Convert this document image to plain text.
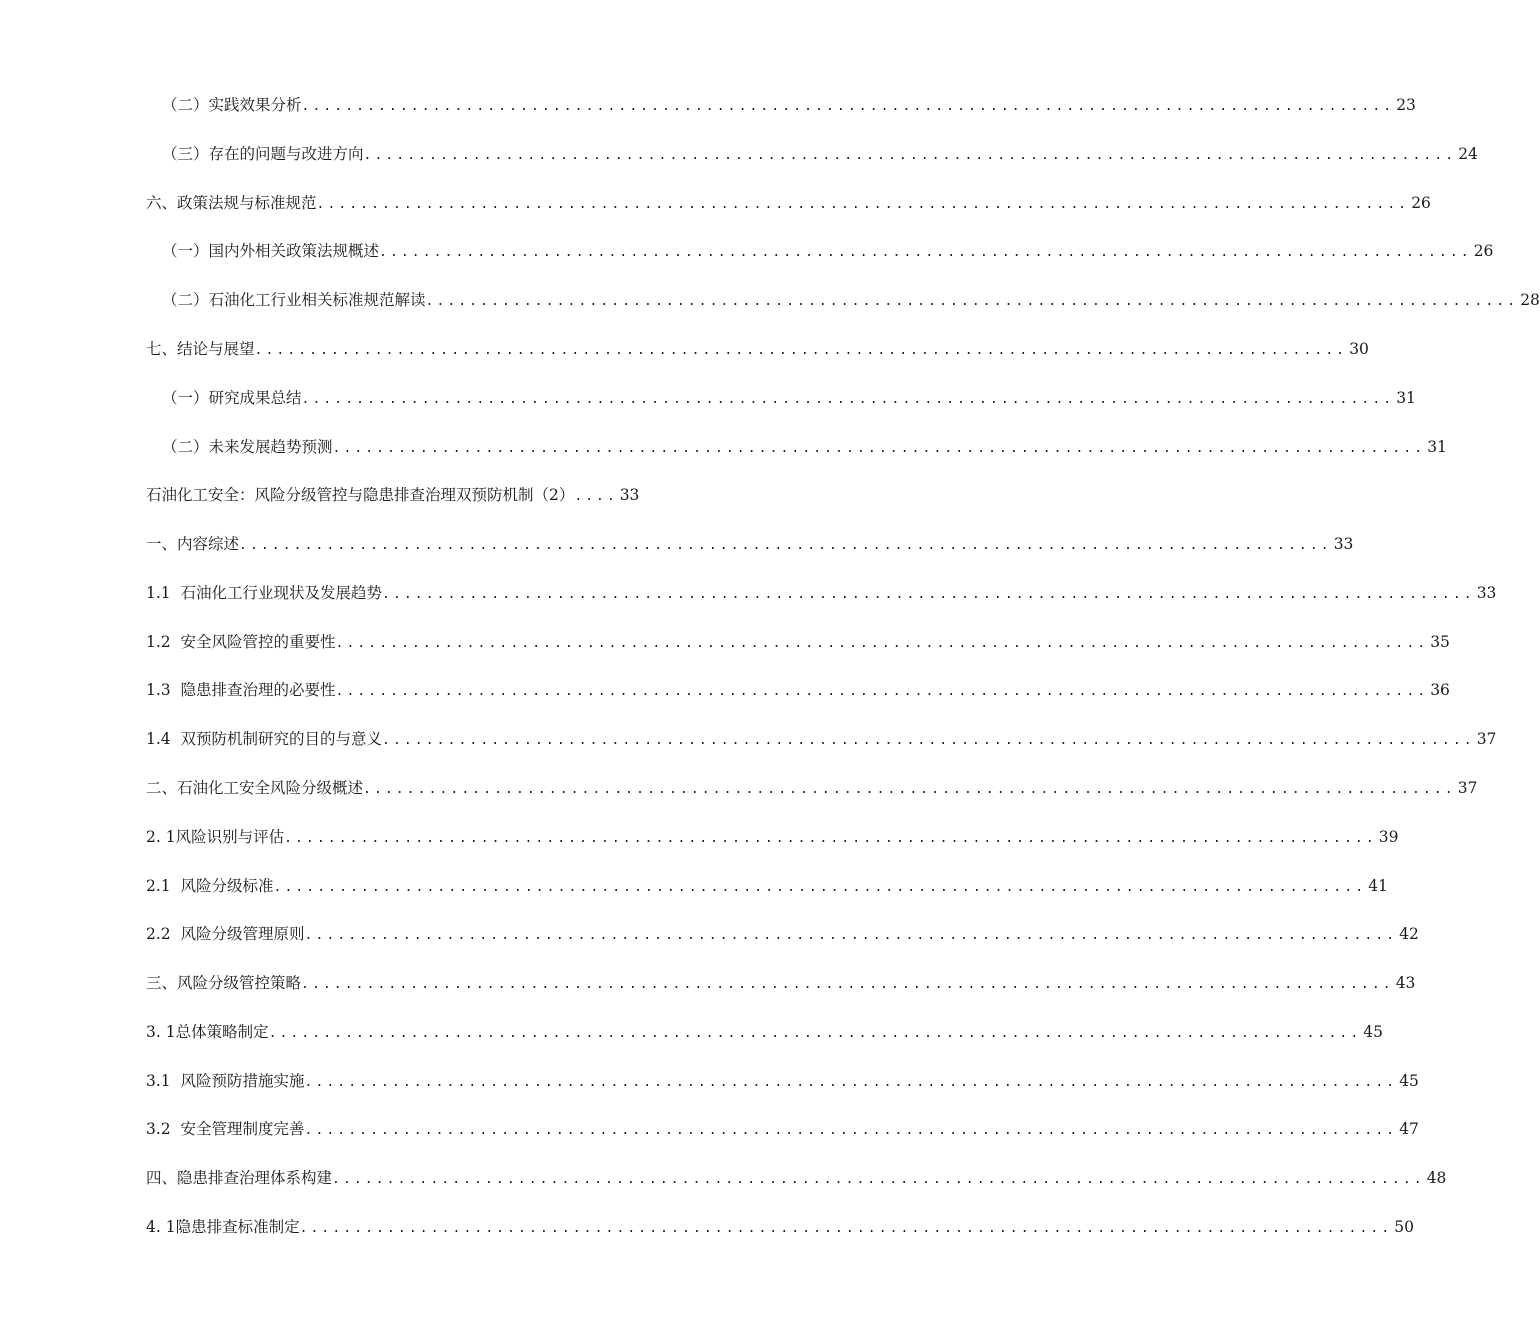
（二）实践效果分析 .................................................................................................... 23
（三）存在的问题与改进方向 .................................................................................................... 24
六、政策法规与标准规范 .................................................................................................... 26
（一）国内外相关政策法规概述 .................................................................................................... 26
（二）石油化工行业相关标准规范解读 .................................................................................................... 28
七、结论与展望 .................................................................................................... 30
（一）研究成果总结 .................................................................................................... 31
（二）未来发展趋势预测 .................................................................................................... 31
石油化工安全：风险分级管控与隐患排查治理双预防机制（2） .... 33
一、内容综述 .................................................................................................... 33
1.1  石油化工行业现状及发展趋势 .................................................................................................... 33
1.2  安全风险管控的重要性 .................................................................................................... 35
1.3  隐患排查治理的必要性 .................................................................................................... 36
1.4  双预防机制研究的目的与意义 .................................................................................................... 37
二、石油化工安全风险分级概述 .................................................................................................... 37
2. 1风险识别与评估 .................................................................................................... 39
2.1  风险分级标准 .................................................................................................... 41
2.2  风险分级管理原则 .................................................................................................... 42
三、风险分级管控策略 .................................................................................................... 43
3. 1总体策略制定 .................................................................................................... 45
3.1  风险预防措施实施 .................................................................................................... 45
3.2  安全管理制度完善 .................................................................................................... 47
四、隐患排查治理体系构建 .................................................................................................... 48
4. 1隐患排查标准制定 .................................................................................................... 50
